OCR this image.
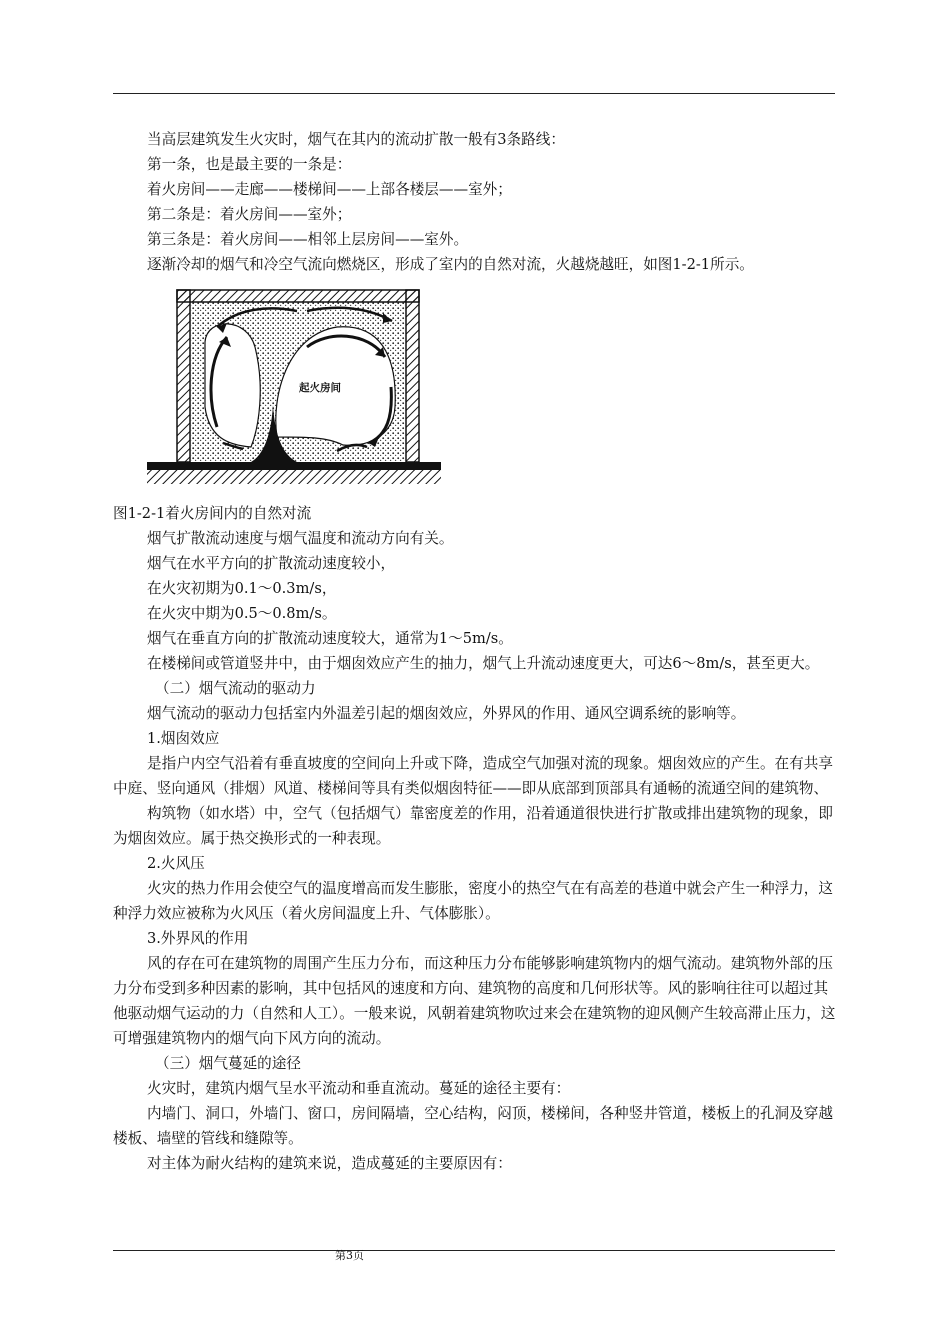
当高层建筑发生火灾时，烟气在其内的流动扩散一般有3条路线：

第一条，也是最主要的一条是：

着火房间——走廊——楼梯间——上部各楼层——室外；

第二条是：着火房间——室外；

第三条是：着火房间——相邻上层房间——室外。

逐渐冷却的烟气和冷空气流向燃烧区，形成了室内的自然对流，火越烧越旺，如图1-2-1所示。

起火房间

图1-2-1着火房间内的自然对流

烟气扩散流动速度与烟气温度和流动方向有关。

烟气在水平方向的扩散流动速度较小，

在火灾初期为0.1～0.3m/s，

在火灾中期为0.5～0.8m/s。

烟气在垂直方向的扩散流动速度较大，通常为1～5m/s。

在楼梯间或管道竖井中，由于烟囱效应产生的抽力，烟气上升流动速度更大，可达6～8m/s，甚至更大。

（二）烟气流动的驱动力

烟气流动的驱动力包括室内外温差引起的烟囱效应，外界风的作用、通风空调系统的影响等。

1.烟囱效应

是指户内空气沿着有垂直坡度的空间向上升或下降，造成空气加强对流的现象。烟囱效应的产生。在有共享中庭、竖向通风（排烟）风道、楼梯间等具有类似烟囱特征——即从底部到顶部具有通畅的流通空间的建筑物、

构筑物（如水塔）中，空气（包括烟气）靠密度差的作用，沿着通道很快进行扩散或排出建筑物的现象，即为烟囱效应。属于热交换形式的一种表现。

2.火风压

火灾的热力作用会使空气的温度增高而发生膨胀，密度小的热空气在有高差的巷道中就会产生一种浮力，这种浮力效应被称为火风压（着火房间温度上升、气体膨胀）。

3.外界风的作用

风的存在可在建筑物的周围产生压力分布，而这种压力分布能够影响建筑物内的烟气流动。建筑物外部的压力分布受到多种因素的影响，其中包括风的速度和方向、建筑物的高度和几何形状等。风的影响往往可以超过其他驱动烟气运动的力（自然和人工）。一般来说，风朝着建筑物吹过来会在建筑物的迎风侧产生较高滞止压力，这可增强建筑物内的烟气向下风方向的流动。

（三）烟气蔓延的途径

火灾时，建筑内烟气呈水平流动和垂直流动。蔓延的途径主要有：

内墙门、洞口，外墙门、窗口，房间隔墙，空心结构，闷顶，楼梯间，各种竖井管道，楼板上的孔洞及穿越楼板、墙壁的管线和缝隙等。

对主体为耐火结构的建筑来说，造成蔓延的主要原因有：

第3页
